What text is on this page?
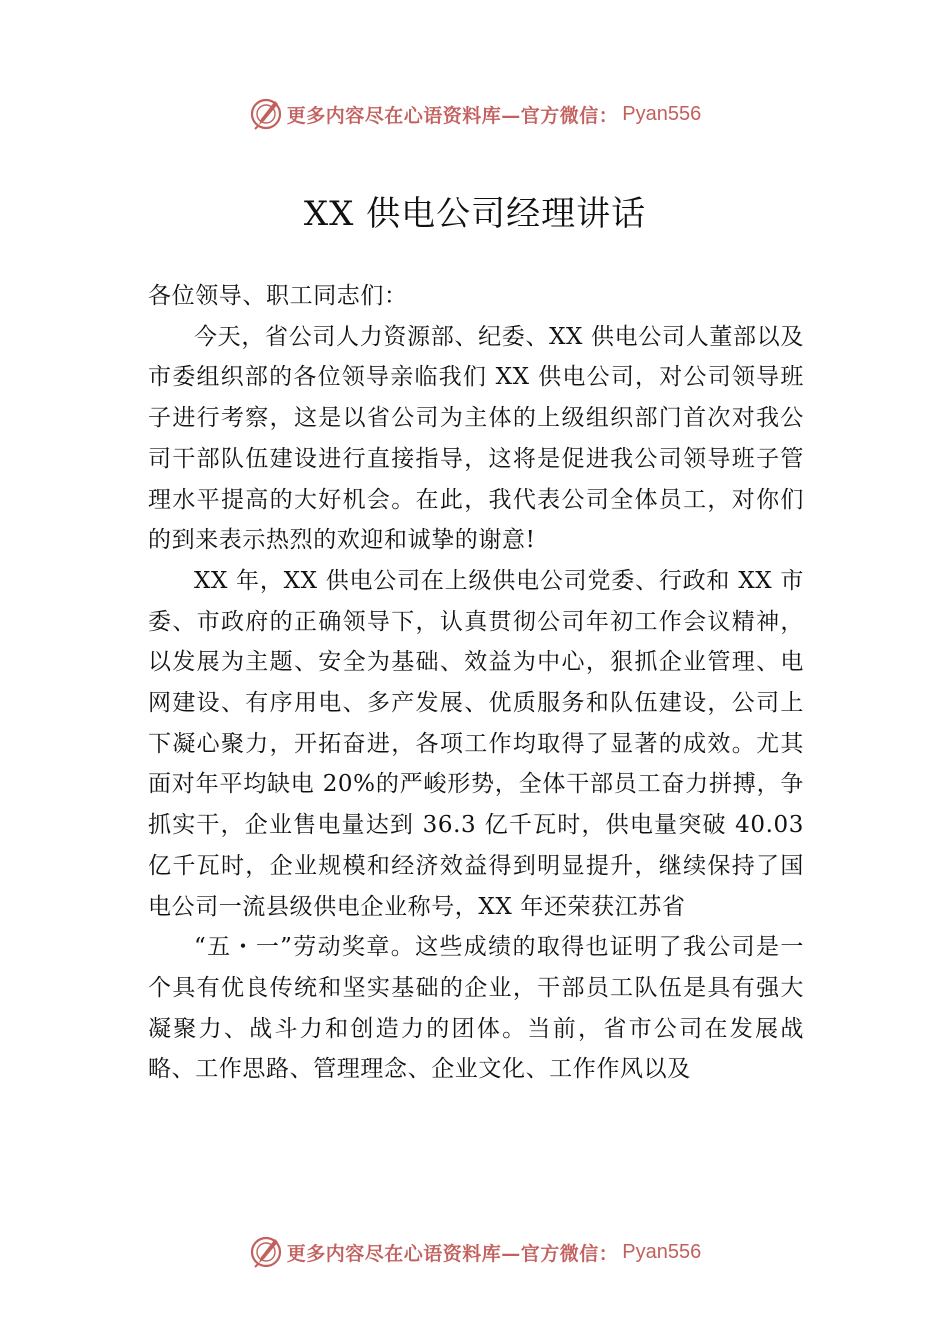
更多内容尽在心语资料库—官方微信： Pyan556
XX 供电公司经理讲话

各位领导、职工同志们：

今天，省公司人力资源部、纪委、XX 供电公司人董部以及市委组织部的各位领导亲临我们 XX 供电公司，对公司领导班子进行考察，这是以省公司为主体的上级组织部门首次对我公司干部队伍建设进行直接指导，这将是促进我公司领导班子管理水平提高的大好机会。在此，我代表公司全体员工，对你们的到来表示热烈的欢迎和诚挚的谢意!

XX 年，XX 供电公司在上级供电公司党委、行政和 XX 市委、市政府的正确领导下，认真贯彻公司年初工作会议精神，以发展为主题、安全为基础、效益为中心，狠抓企业管理、电网建设、有序用电、多产发展、优质服务和队伍建设，公司上下凝心聚力，开拓奋进，各项工作均取得了显著的成效。尤其面对年平均缺电 20%的严峻形势，全体干部员工奋力拼搏，争抓实干，企业售电量达到 36.3 亿千瓦时，供电量突破 40.03 亿千瓦时，企业规模和经济效益得到明显提升，继续保持了国电公司一流县级供电企业称号，XX 年还荣获江苏省

“五・一”劳动奖章。这些成绩的取得也证明了我公司是一个具有优良传统和坚实基础的企业，干部员工队伍是具有强大凝聚力、战斗力和创造力的团体。当前，省市公司在发展战略、工作思路、管理理念、企业文化、工作作风以及

更多内容尽在心语资料库—官方微信： Pyan556
